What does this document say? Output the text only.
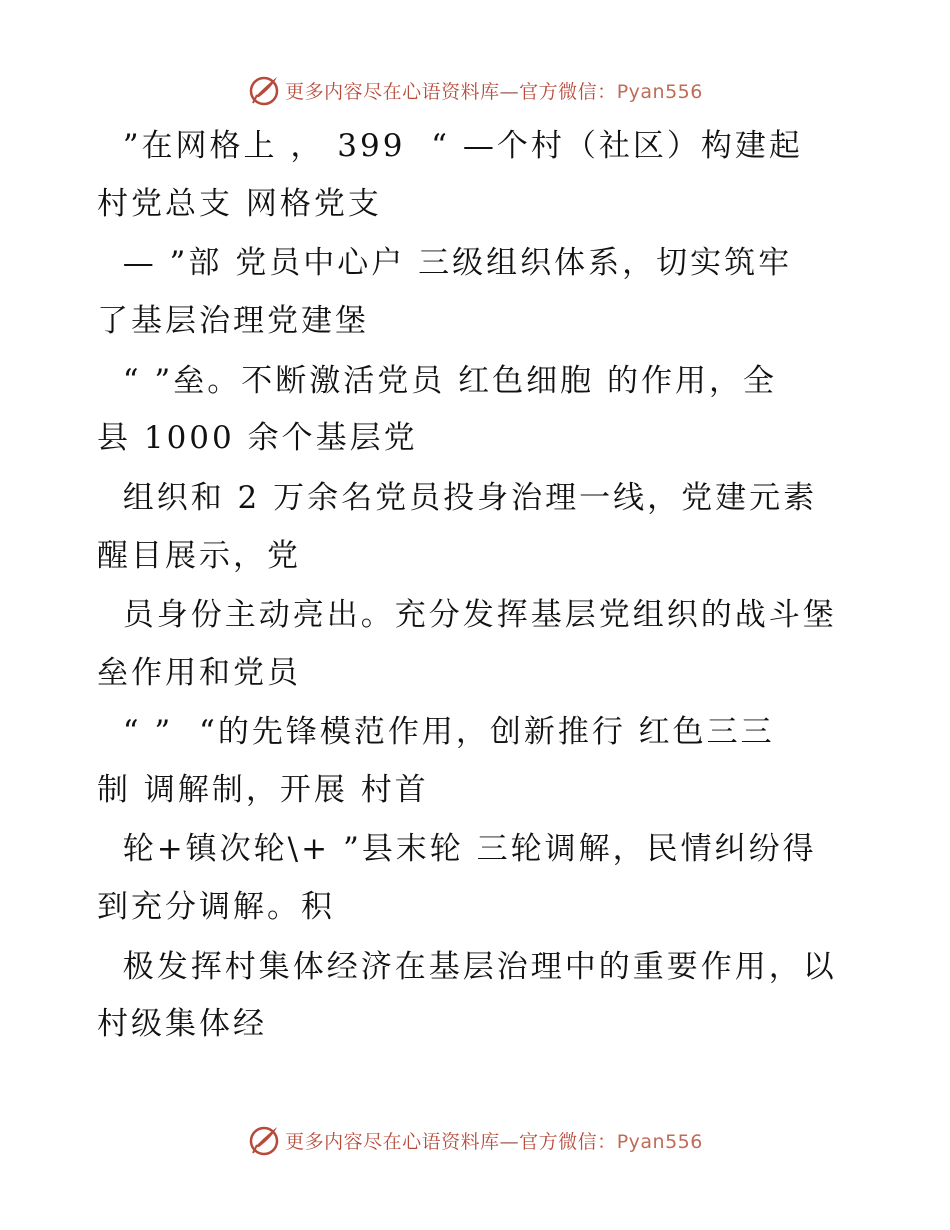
更多内容尽在心语资料库—官方微信：Pyan556
”在网格上 ， 399  “ —个村（社区）构建起
村党总支 网格党支
— ”部 党员中心户 三级组织体系，切实筑牢
了基层治理党建堡
“ ”垒。不断激活党员 红色细胞 的作用，全
县 1000 余个基层党
组织和 2 万余名党员投身治理一线，党建元素
醒目展示，党
员身份主动亮出。充分发挥基层党组织的战斗堡
垒作用和党员
“ ”  “的先锋模范作用，创新推行 红色三三
制 调解制，开展 村首
轮+镇次轮\+ ”县末轮 三轮调解，民情纠纷得
到充分调解。积
极发挥村集体经济在基层治理中的重要作用，以
村级集体经
更多内容尽在心语资料库—官方微信：Pyan556
